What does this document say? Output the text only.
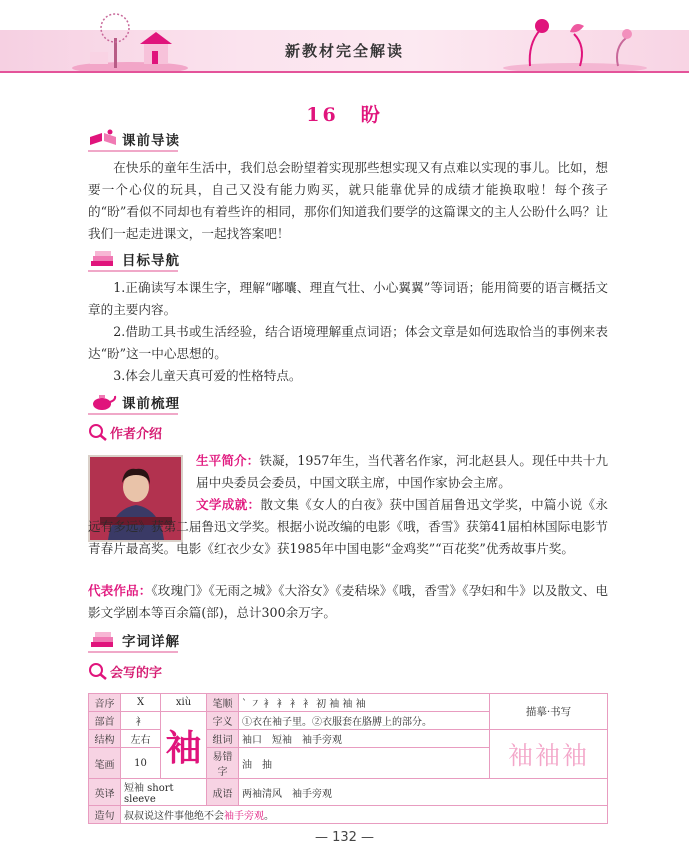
新教材完全解读
16　盼
课前导读

在快乐的童年生活中，我们总会盼望着实现那些想实现又有点难以实现的事儿。比如，想要一个心仪的玩具，自己又没有能力购买，就只能靠优异的成绩才能换取啦！每个孩子的“盼”看似不同却也有着些许的相同，那你们知道我们要学的这篇课文的主人公盼什么吗？让我们一起走进课文，一起找答案吧！

目标导航

1.正确读写本课生字，理解“嘟囔、理直气壮、小心翼翼”等词语；能用简要的语言概括文章的主要内容。

2.借助工具书或生活经验，结合语境理解重点词语；体会文章是如何选取恰当的事例来表达“盼”这一中心思想的。

3.体会儿童天真可爱的性格特点。

课前梳理
作者介绍

生平简介：铁凝，1957年生，当代著名作家，河北赵县人。现任中共十九届中央委员会委员，中国文联主席，中国作家协会主席。

文学成就：散文集《女人的白夜》获中国首届鲁迅文学奖，中篇小说《永远有多远》获第二届鲁迅文学奖。根据小说改编的电影《哦，香雪》获第41届柏林国际电影节青春片最高奖。电影《红衣少女》获1985年中国电影“金鸡奖”“百花奖”优秀故事片奖。

代表作品：《玫瑰门》《无雨之城》《大浴女》《麦秸垛》《哦，香雪》《孕妇和牛》以及散文、电影文学剧本等百余篇(部)，总计300余万字。

字词详解
会写的字
音序	X	xiù	笔顺	` ㇇ 衤 衤 衤 衤 初 袖 袖 袖	描摹·书写
部首	衤	袖	字义	①衣在袖子里。②衣服套在胳膊上的部分。	
结构	左右		组词	袖口　短袖　袖手旁观	袖袖袖
笔画	10		易错字	油　抽	
英译	短袖 short sleeve		成语	两袖清风　袖手旁观	
造句	叔叔说这件事他绝不会袖手旁观。				
— 132 —
